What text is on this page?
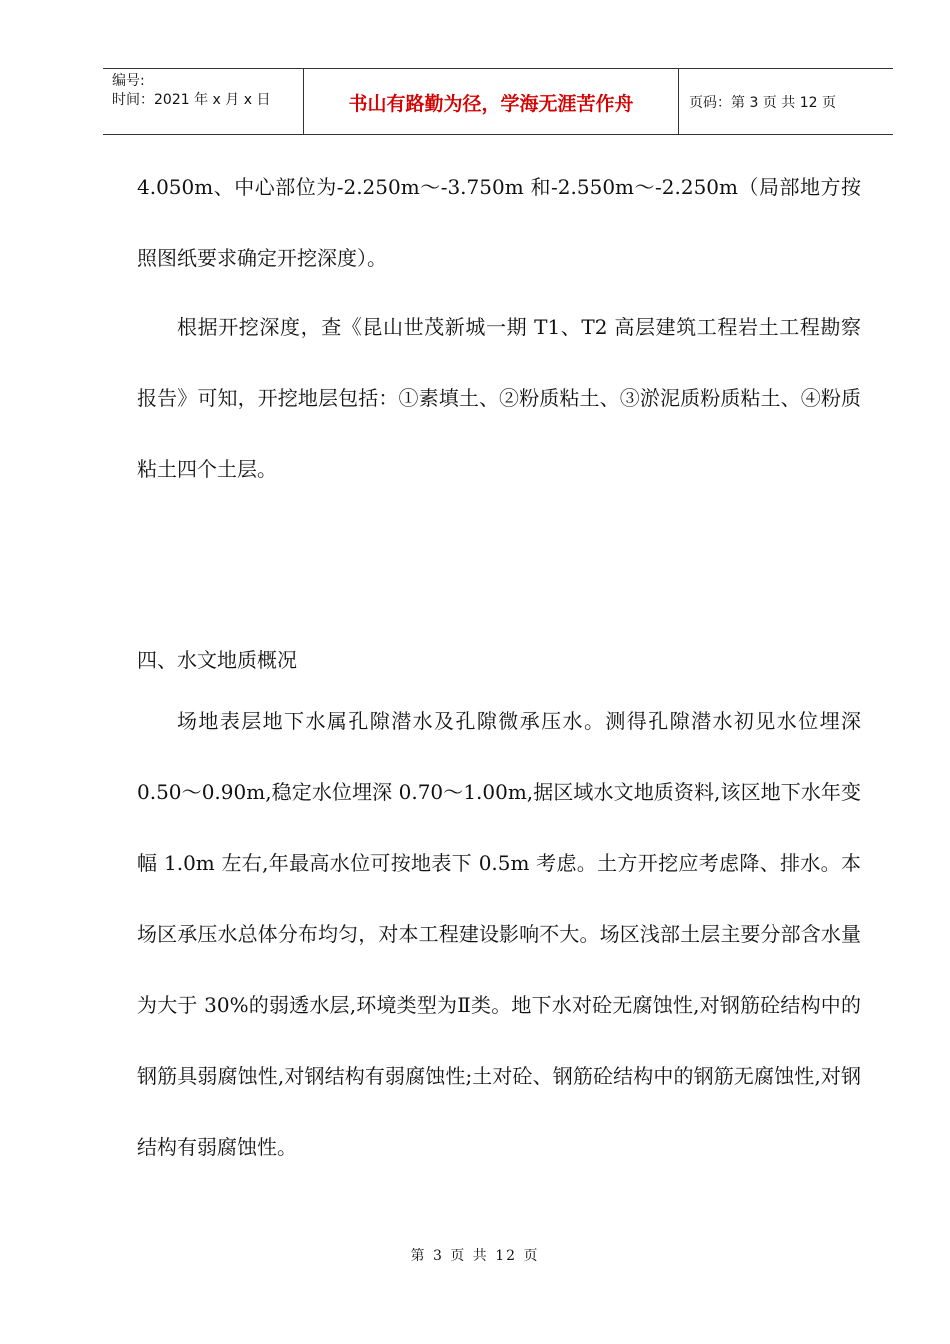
编号:
时间：2021 年 x 月 x 日	书山有路勤为径，学海无涯苦作舟	页码：第 3 页 共 12 页

4.050m、中心部位为-2.250m～-3.750m 和-2.550m～-2.250m（局部地方按照图纸要求确定开挖深度）。

根据开挖深度，查《昆山世茂新城一期 T1、T2 高层建筑工程岩土工程勘察报告》可知，开挖地层包括：①素填土、②粉质粘土、③淤泥质粉质粘土、④粉质粘土四个土层。

四、水文地质概况

场地表层地下水属孔隙潜水及孔隙微承压水。测得孔隙潜水初见水位埋深 0.50～0.90m,稳定水位埋深 0.70～1.00m,据区域水文地质资料,该区地下水年变幅 1.0m 左右,年最高水位可按地表下 0.5m 考虑。土方开挖应考虑降、排水。本场区承压水总体分布均匀，对本工程建设影响不大。场区浅部土层主要分部含水量为大于 30%的弱透水层,环境类型为Ⅱ类。地下水对砼无腐蚀性,对钢筋砼结构中的钢筋具弱腐蚀性,对钢结构有弱腐蚀性;土对砼、钢筋砼结构中的钢筋无腐蚀性,对钢结构有弱腐蚀性。

第 3 页 共 12 页
